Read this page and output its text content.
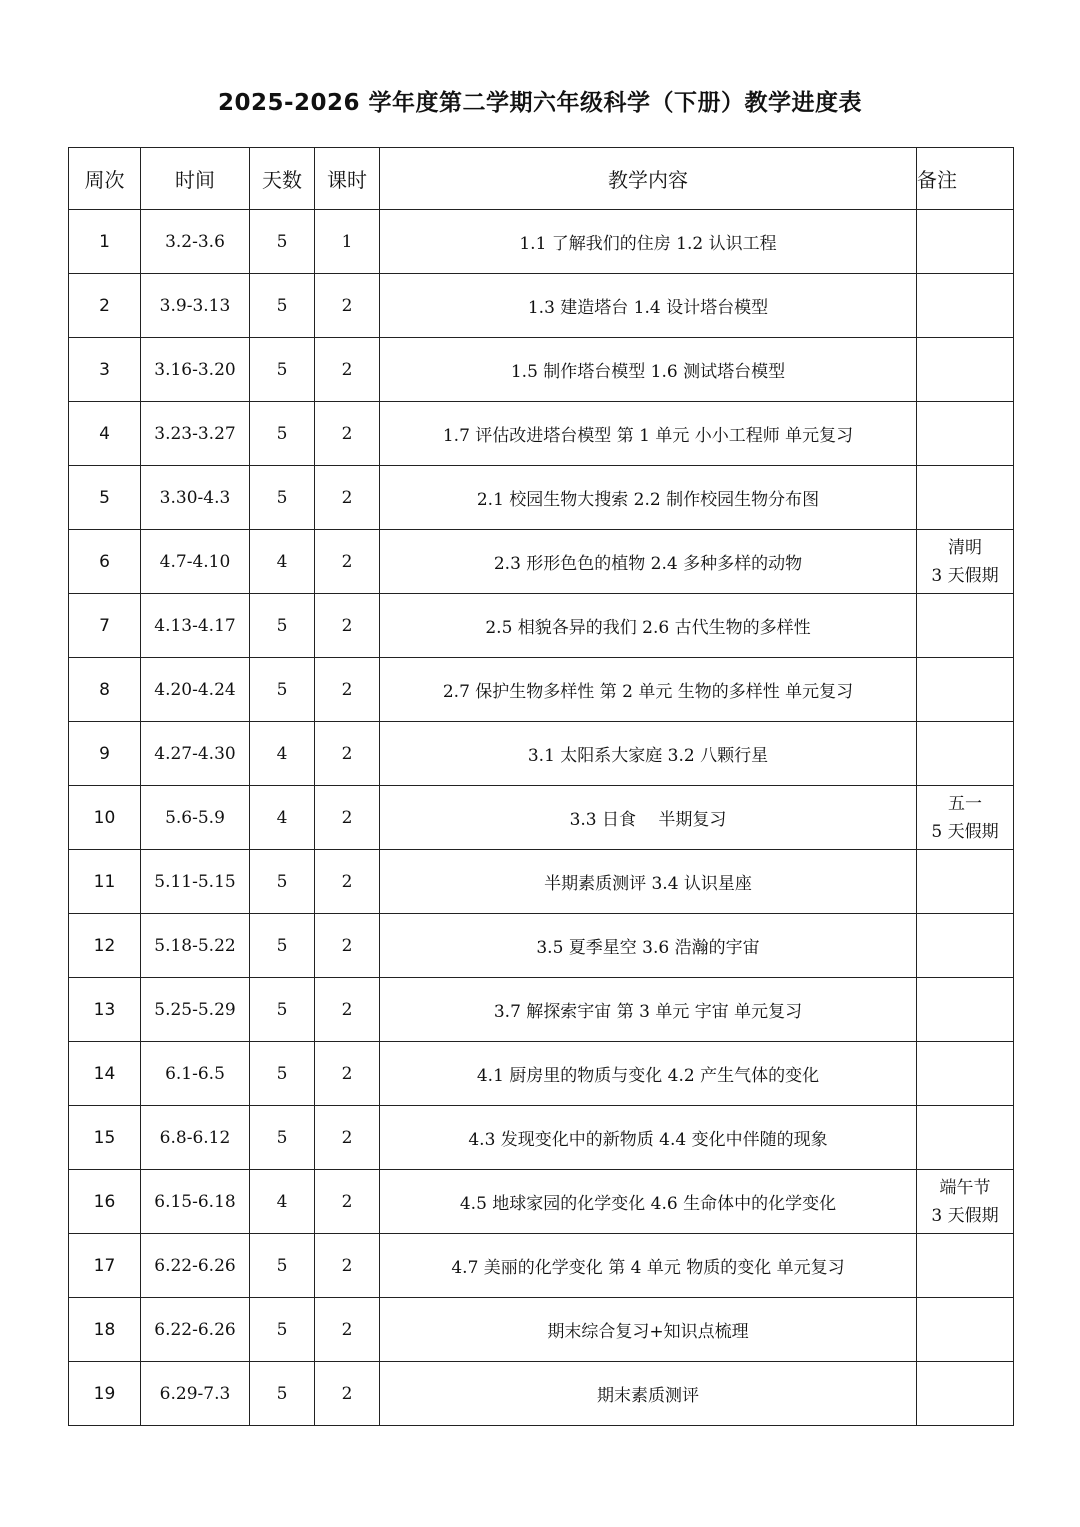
2025-2026 学年度第二学期六年级科学（下册）教学进度表
周次	时间	天数	课时	教学内容	备注
1	3.2-3.6	5	1	1.1 了解我们的住房 1.2 认识工程	

2	3.9-3.13	5	2	1.3 建造塔台 1.4 设计塔台模型	

3	3.16-3.20	5	2	1.5 制作塔台模型 1.6 测试塔台模型	

4	3.23-3.27	5	2	1.7 评估改进塔台模型 第 1 单元 小小工程师 单元复习	

5	3.30-4.3	5	2	2.1 校园生物大搜索 2.2 制作校园生物分布图	

6	4.7-4.10	4	2	2.3 形形色色的植物 2.4 多种多样的动物	清明
3 天假期

7	4.13-4.17	5	2	2.5 相貌各异的我们 2.6 古代生物的多样性	

8	4.20-4.24	5	2	2.7 保护生物多样性 第 2 单元 生物的多样性 单元复习	

9	4.27-4.30	4	2	3.1 太阳系大家庭 3.2 八颗行星	

10	5.6-5.9	4	2	3.3 日食　 半期复习	五一
5 天假期

11	5.11-5.15	5	2	半期素质测评 3.4 认识星座	

12	5.18-5.22	5	2	3.5 夏季星空 3.6 浩瀚的宇宙	

13	5.25-5.29	5	2	3.7 解探索宇宙 第 3 单元 宇宙 单元复习	

14	6.1-6.5	5	2	4.1 厨房里的物质与变化 4.2 产生气体的变化	

15	6.8-6.12	5	2	4.3 发现变化中的新物质 4.4 变化中伴随的现象	

16	6.15-6.18	4	2	4.5 地球家园的化学变化 4.6 生命体中的化学变化	端午节
3 天假期

17	6.22-6.26	5	2	4.7 美丽的化学变化 第 4 单元 物质的变化 单元复习	

18	6.22-6.26	5	2	期末综合复习+知识点梳理	

19	6.29-7.3	5	2	期末素质测评	
